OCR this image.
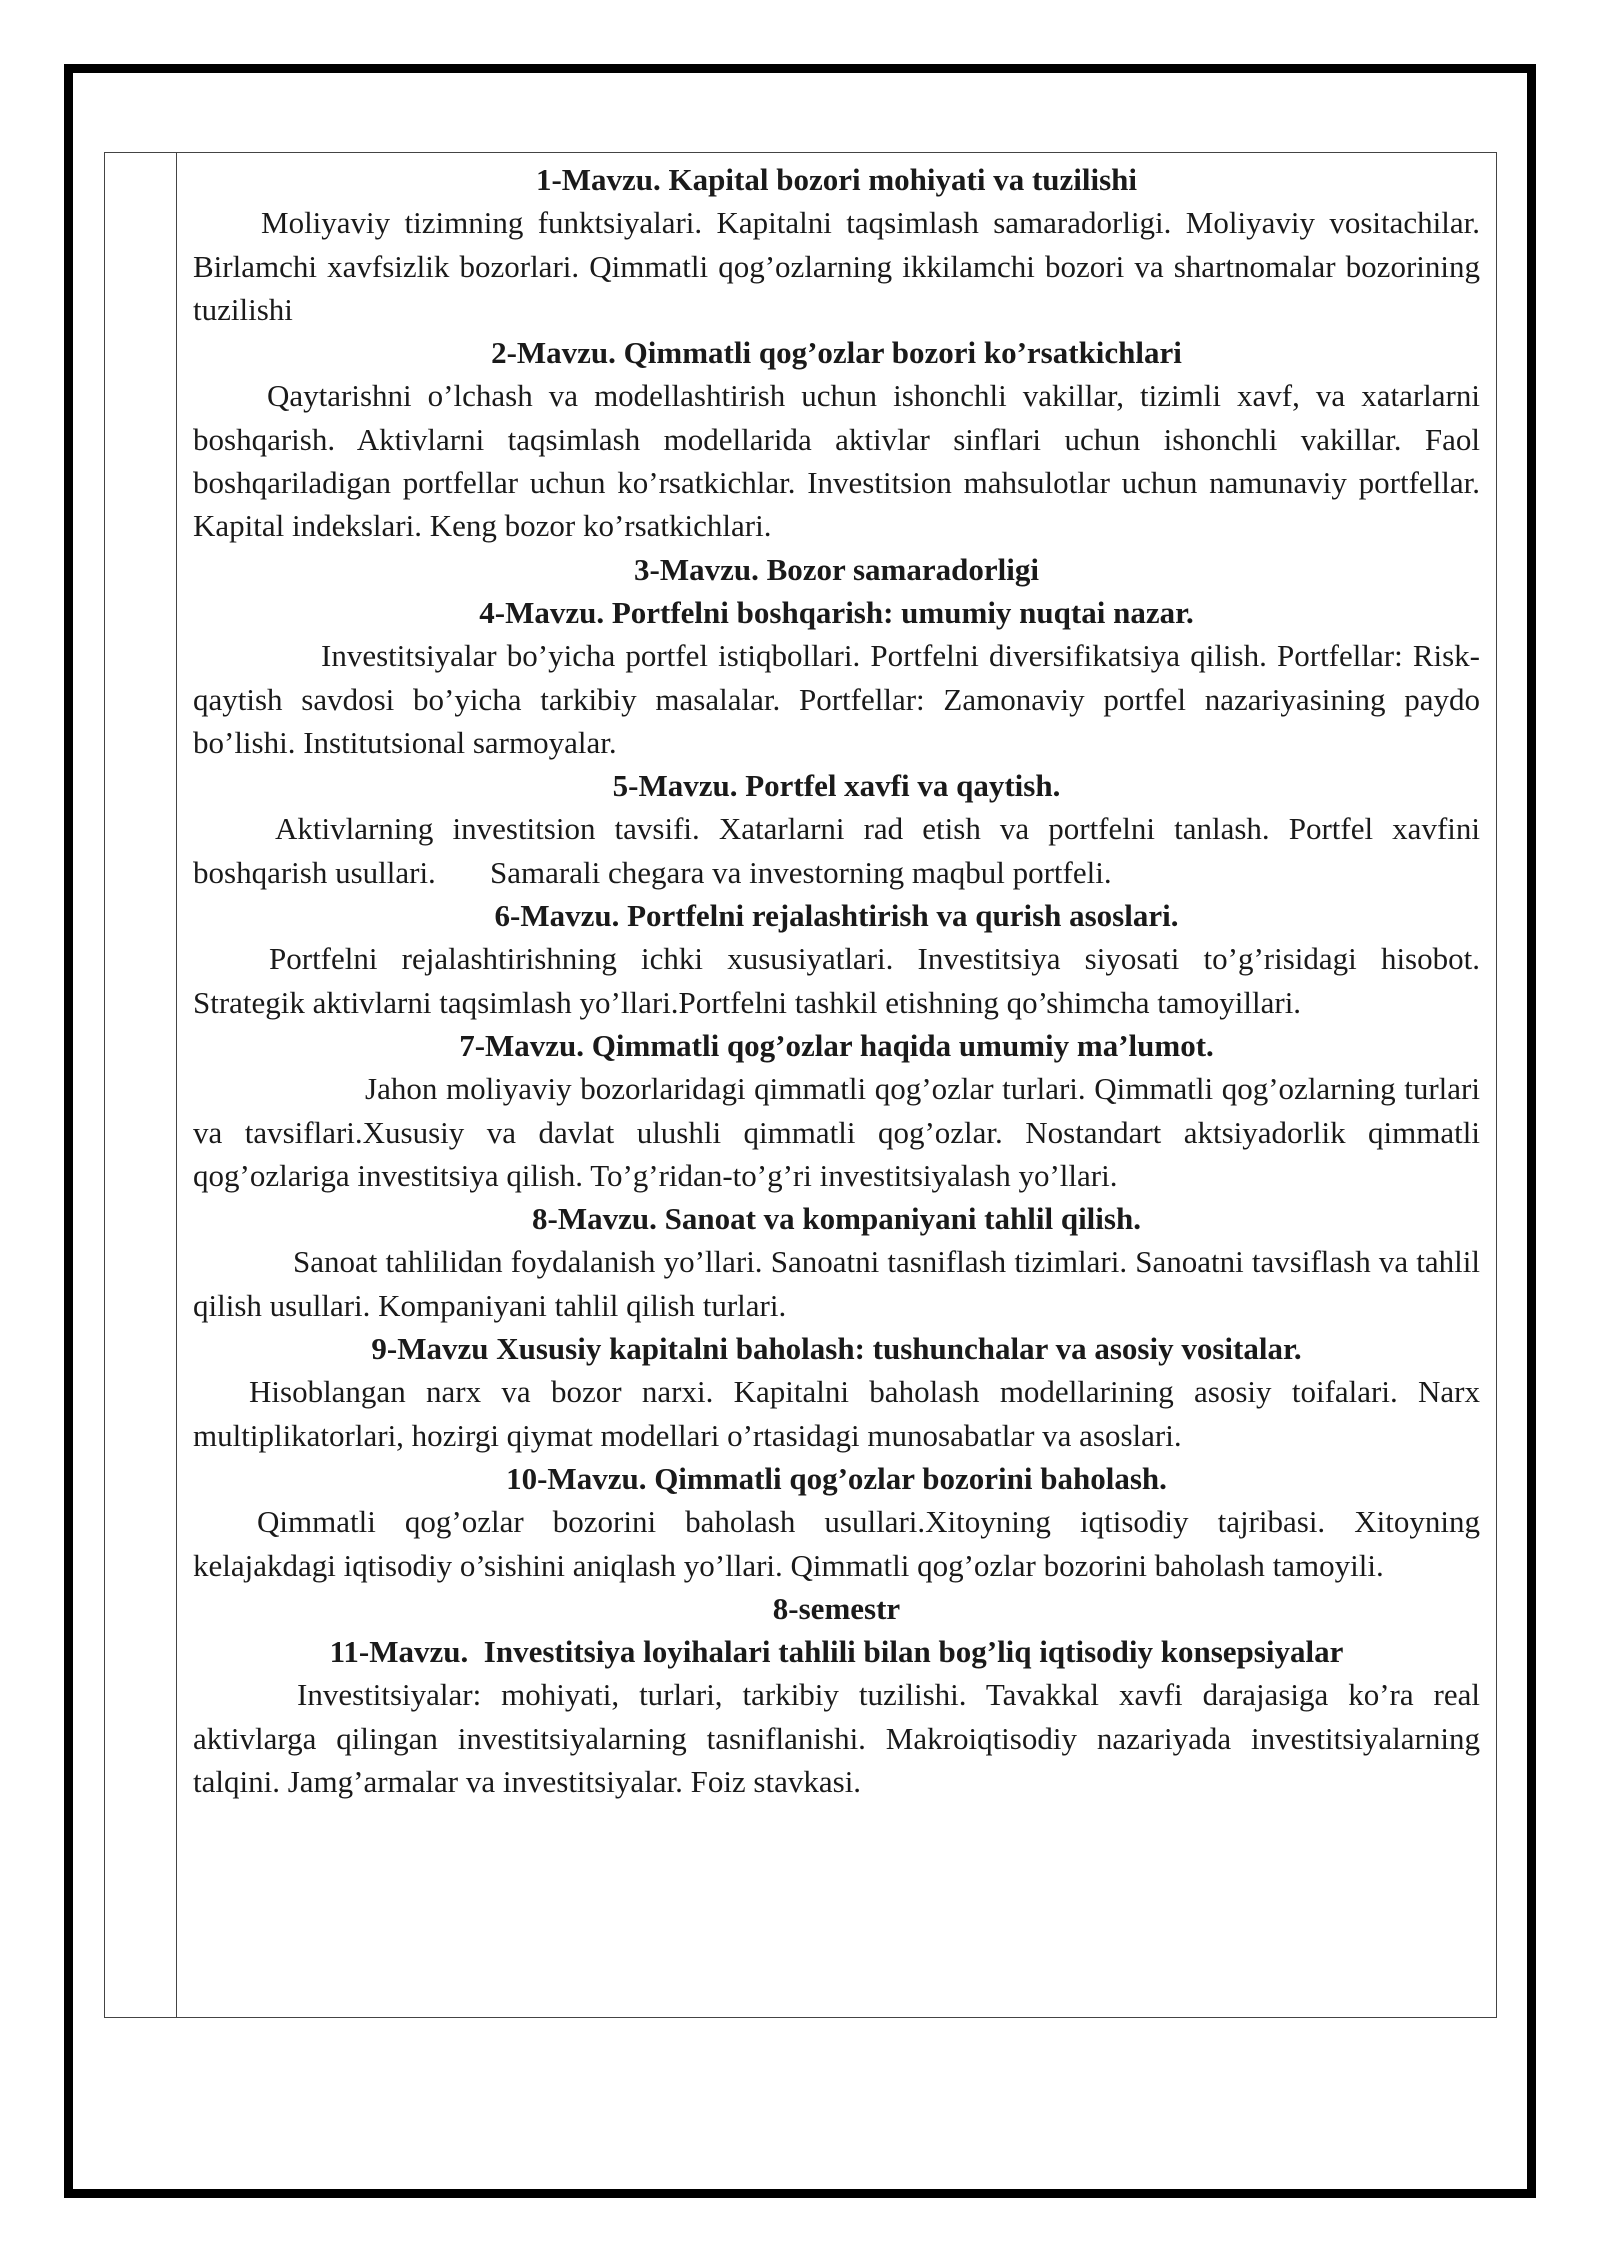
1-Mavzu. Kapital bozori mohiyati va tuzilishi

Moliyaviy tizimning funktsiyalari. Kapitalni taqsimlash samaradorligi. Moliyaviy vositachilar. Birlamchi xavfsizlik bozorlari. Qimmatli qog’ozlarning ikkilamchi bozori va shartnomalar bozorining tuzilishi

2-Mavzu. Qimmatli qog’ozlar bozori ko’rsatkichlari

Qaytarishni o’lchash va modellashtirish uchun ishonchli vakillar, tizimli xavf, va xatarlarni boshqarish. Aktivlarni taqsimlash modellarida aktivlar sinflari uchun ishonchli vakillar. Faol boshqariladigan portfellar uchun ko’rsatkichlar. Investitsion mahsulotlar uchun namunaviy portfellar. Kapital indekslari. Keng bozor ko’rsatkichlari.

3-Mavzu. Bozor samaradorligi
4-Mavzu. Portfelni boshqarish: umumiy nuqtai nazar.

Investitsiyalar bo’yicha portfel istiqbollari. Portfelni diversifikatsiya qilish. Portfellar: Risk-qaytish savdosi bo’yicha tarkibiy masalalar. Portfellar: Zamonaviy portfel nazariyasining paydo bo’lishi. Institutsional sarmoyalar.

5-Mavzu. Portfel xavfi va qaytish.

Aktivlarning investitsion tavsifi. Xatarlarni rad etish va portfelni tanlash. Portfel xavfini boshqarish usullari.       Samarali chegara va investorning maqbul portfeli.

6-Mavzu. Portfelni rejalashtirish va qurish asoslari.

Portfelni rejalashtirishning ichki xususiyatlari. Investitsiya siyosati to’g’risidagi hisobot. Strategik aktivlarni taqsimlash yo’llari.Portfelni tashkil etishning qo’shimcha tamoyillari.

7-Mavzu. Qimmatli qog’ozlar haqida umumiy ma’lumot.

Jahon moliyaviy bozorlaridagi qimmatli qog’ozlar turlari. Qimmatli qog’ozlarning turlari va tavsiflari.Xususiy va davlat ulushli qimmatli qog’ozlar. Nostandart aktsiyadorlik qimmatli qog’ozlariga investitsiya qilish. To’g’ridan-to’g’ri investitsiyalash yo’llari.

8-Mavzu. Sanoat va kompaniyani tahlil qilish.

Sanoat tahlilidan foydalanish yo’llari. Sanoatni tasniflash tizimlari. Sanoatni tavsiflash va tahlil qilish usullari. Kompaniyani tahlil qilish turlari.

9-Mavzu Xususiy kapitalni baholash: tushunchalar va asosiy vositalar.

Hisoblangan narx va bozor narxi. Kapitalni baholash modellarining asosiy toifalari. Narx multiplikatorlari, hozirgi qiymat modellari o’rtasidagi munosabatlar va asoslari.

10-Mavzu. Qimmatli qog’ozlar bozorini baholash.

Qimmatli qog’ozlar bozorini baholash usullari.Xitoyning iqtisodiy tajribasi. Xitoyning kelajakdagi iqtisodiy o’sishini aniqlash yo’llari. Qimmatli qog’ozlar bozorini baholash tamoyili.

8-semestr
11-Mavzu.  Investitsiya loyihalari tahlili bilan bog’liq iqtisodiy konsepsiyalar

Investitsiyalar: mohiyati, turlari, tarkibiy tuzilishi. Tavakkal xavfi darajasiga ko’ra real aktivlarga qilingan investitsiyalarning tasniflanishi. Makroiqtisodiy nazariyada investitsiyalarning talqini. Jamg’armalar va investitsiyalar. Foiz stavkasi.
